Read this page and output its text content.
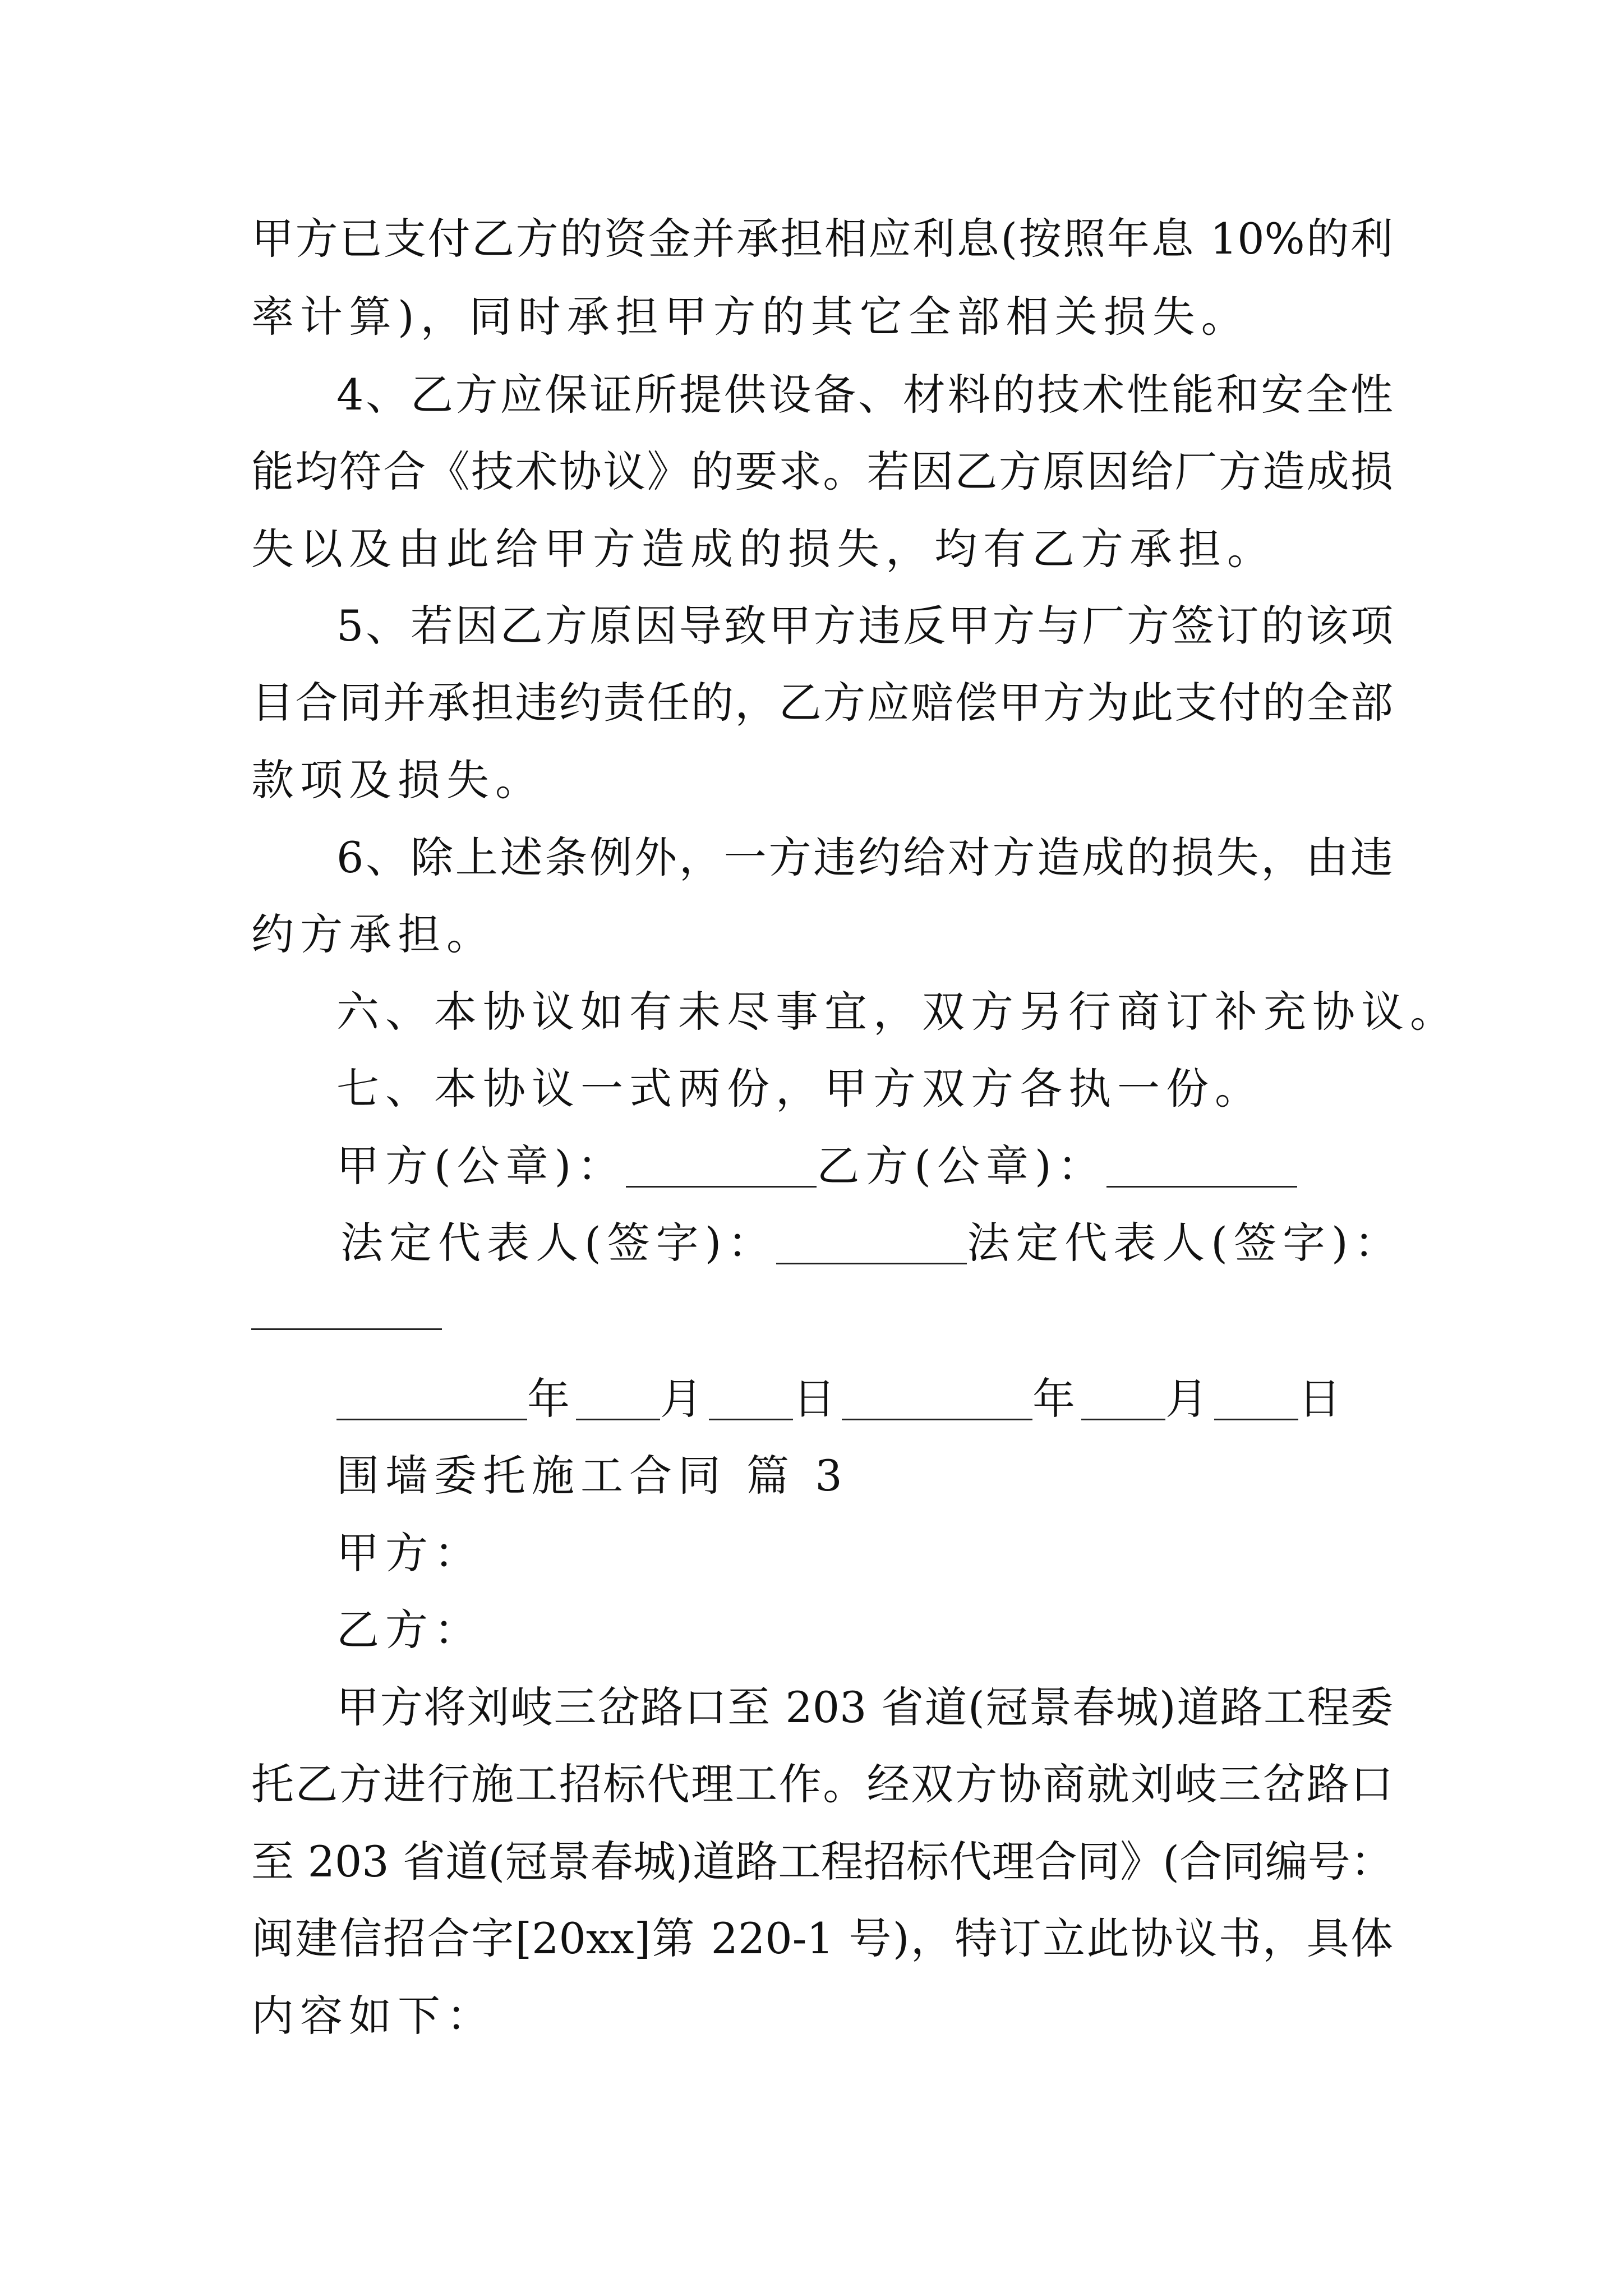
甲方已支付乙方的资金并承担相应利息(按照年息 10%的利
率计算)，同时承担甲方的其它全部相关损失。
4、乙方应保证所提供设备、材料的技术性能和安全性
能均符合《技术协议》的要求。若因乙方原因给厂方造成损
失以及由此给甲方造成的损失，均有乙方承担。
5、若因乙方原因导致甲方违反甲方与厂方签订的该项
目合同并承担违约责任的，乙方应赔偿甲方为此支付的全部
款项及损失。
6、除上述条例外，一方违约给对方造成的损失，由违
约方承担。
六、本协议如有未尽事宜，双方另行商订补充协议。
七、本协议一式两份，甲方双方各执一份。
甲方(公章)：	乙方(公章)：
法定代表人(签字)：	法定代表人(签字)：
年 月 日	年 月 日
围墙委托施工合同 篇 3
甲方：
乙方：
甲方将刘岐三岔路口至 203 省道(冠景春城)道路工程委
托乙方进行施工招标代理工作。经双方协商就刘岐三岔路口
至 203 省道(冠景春城)道路工程招标代理合同》(合同编号：
闽建信招合字[20xx]第 220-1 号)，特订立此协议书，具体
内容如下：
